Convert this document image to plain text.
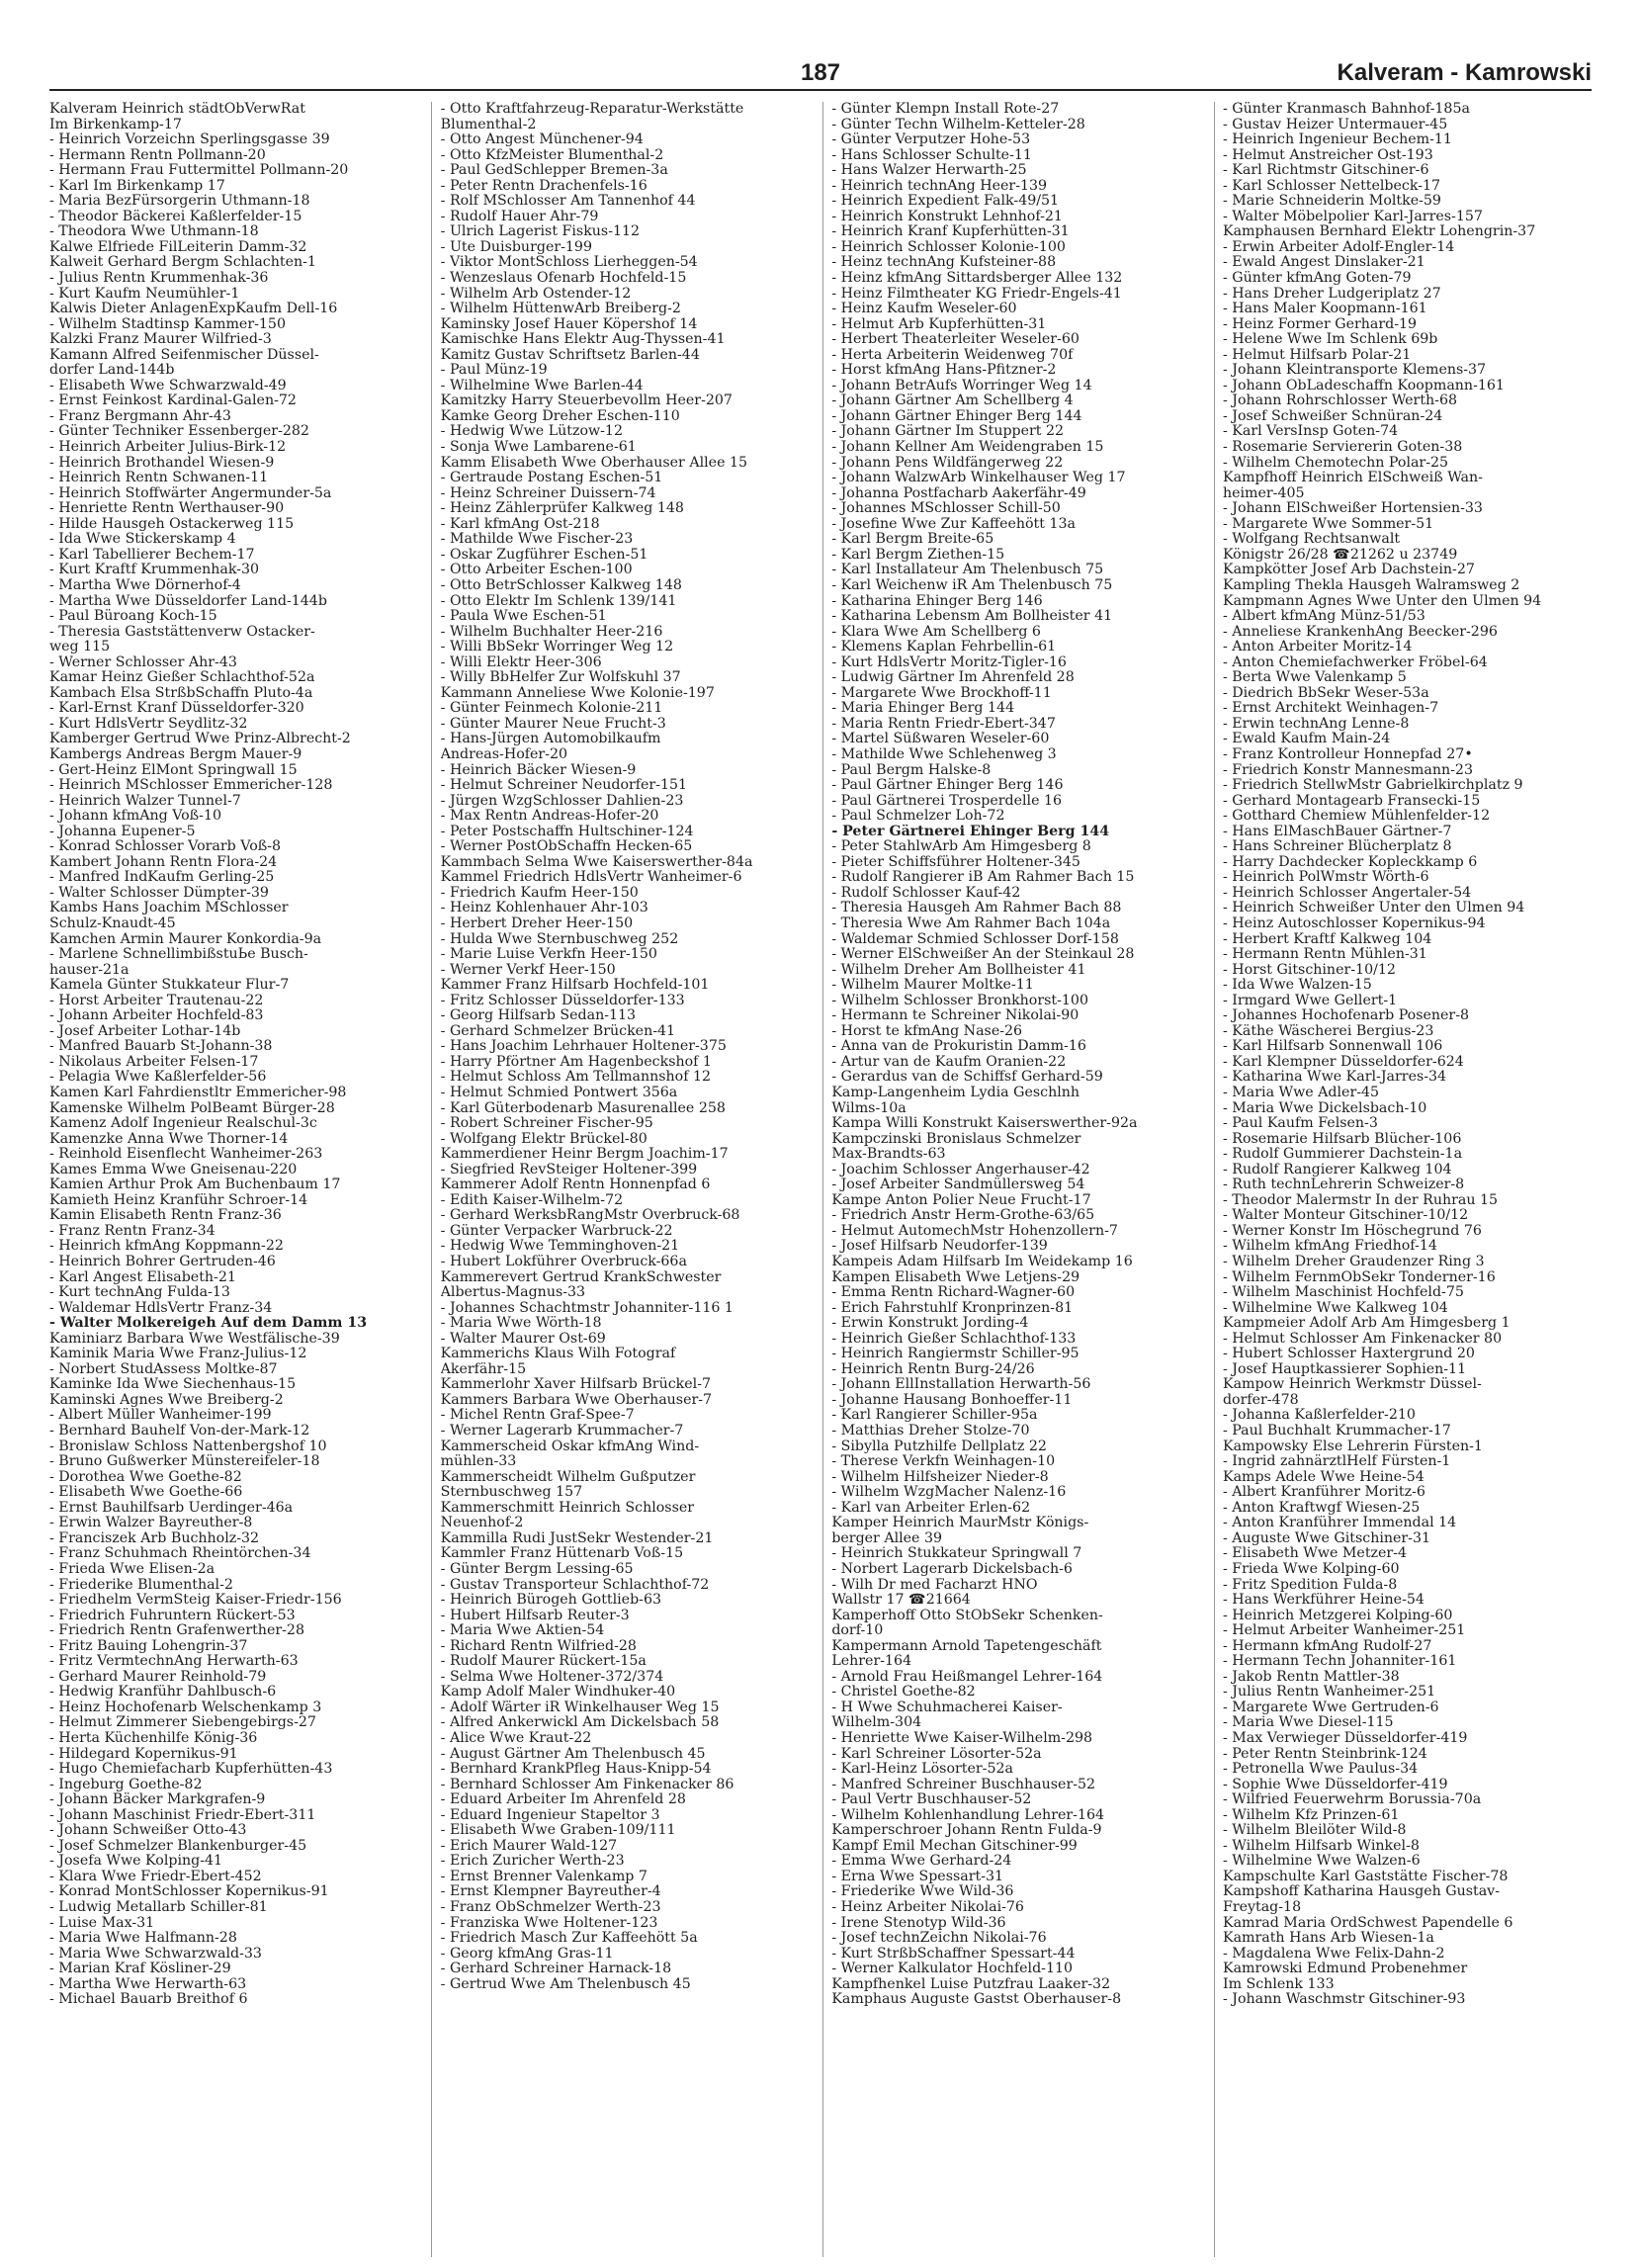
187	Kalveram - Kamrowski
Kalveram Heinrich städtObVerwRat
Im Birkenkamp-17
- Heinrich Vorzeichn Sperlingsgasse 39
- Hermann Rentn Pollmann-20
- Hermann Frau Futtermittel Pollmann-20
- Karl Im Birkenkamp 17
- Maria BezFürsorgerin Uthmann-18
- Theodor Bäckerei Kaßlerfelder-15
- Theodora Wwe Uthmann-18
Kalwe Elfriede FilLeiterin Damm-32
Kalweit Gerhard Bergm Schlachten-1
- Julius Rentn Krummenhak-36
- Kurt Kaufm Neumühler-1
Kalwis Dieter AnlagenExpKaufm Dell-16
- Wilhelm Stadtinsp Kammer-150
Kalzki Franz Maurer Wilfried-3
Kamann Alfred Seifenmischer Düssel-
dorfer Land-144b
- Elisabeth Wwe Schwarzwald-49
- Ernst Feinkost Kardinal-Galen-72
- Franz Bergmann Ahr-43
- Günter Techniker Essenberger-282
- Heinrich Arbeiter Julius-Birk-12
- Heinrich Brothandel Wiesen-9
- Heinrich Rentn Schwanen-11
- Heinrich Stoffwärter Angermunder-5a
- Henriette Rentn Werthauser-90
- Hilde Hausgeh Ostackerweg 115
- Ida Wwe Stickerskamp 4
- Karl Tabellierer Bechem-17
- Kurt Kraftf Krummenhak-30
- Martha Wwe Dörnerhof-4
- Martha Wwe Düsseldorfer Land-144b
- Paul Büroang Koch-15
- Theresia Gaststättenverw Ostacker-
weg 115
- Werner Schlosser Ahr-43
Kamar Heinz Gießer Schlachthof-52a
Kambach Elsa StrßbSchaffn Pluto-4a
- Karl-Ernst Kranf Düsseldorfer-320
- Kurt HdlsVertr Seydlitz-32
Kamberger Gertrud Wwe Prinz-Albrecht-2
Kambergs Andreas Bergm Mauer-9
- Gert-Heinz ElMont Springwall 15
- Heinrich MSchlosser Emmericher-128
- Heinrich Walzer Tunnel-7
- Johann kfmAng Voß-10
- Johanna Eupener-5
- Konrad Schlosser Vorarb Voß-8
Kambert Johann Rentn Flora-24
- Manfred IndKaufm Gerling-25
- Walter Schlosser Dümpter-39
Kambs Hans Joachim MSchlosser
Schulz-Knaudt-45
Kamchen Armin Maurer Konkordia-9a
- Marlene SchnellimbißstuЬe Busch-
hauser-21a
Kamela Günter Stukkateur Flur-7
- Horst Arbeiter Trautenau-22
- Johann Arbeiter Hochfeld-83
- Josef Arbeiter Lothar-14b
- Manfred Bauarb St-Johann-38
- Nikolaus Arbeiter Felsen-17
- Pelagia Wwe Kaßlerfelder-56
Kamen Karl Fahrdienstltr Emmericher-98
Kamenske Wilhelm PolBeamt Bürger-28
Kamenz Adolf Ingenieur Realschul-3c
Kamenzke Anna Wwe Thorner-14
- Reinhold Eisenflecht Wanheimer-263
Kames Emma Wwe Gneisenau-220
Kamien Arthur Prok Am Buchenbaum 17
Kamieth Heinz Kranführ Schroer-14
Kamin Elisabeth Rentn Franz-36
- Franz Rentn Franz-34
- Heinrich kfmAng Koppmann-22
- Heinrich Bohrer Gertruden-46
- Karl Angest Elisabeth-21
- Kurt technAng Fulda-13
- Waldemar HdlsVertr Franz-34
- Walter Molkereigeh Auf dem Damm 13
Kaminiarz Barbara Wwe Westfälische-39
Kaminik Maria Wwe Franz-Julius-12
- Norbert StudAssess Moltke-87
Kaminke Ida Wwe Siechenhaus-15
Kaminski Agnes Wwe Breiberg-2
- Albert Müller Wanheimer-199
- Bernhard Bauhelf Von-der-Mark-12
- Bronislaw Schloss Nattenbergshof 10
- Bruno Gußwerker Münstereifeler-18
- Dorothea Wwe Goethe-82
- Elisabeth Wwe Goethe-66
- Ernst Bauhilfsarb Uerdinger-46a
- Erwin Walzer Bayreuther-8
- Franciszek Arb Buchholz-32
- Franz Schuhmach Rheintörchen-34
- Frieda Wwe Elisen-2a
- Friederike Blumenthal-2
- Friedhelm VermSteig Kaiser-Friedr-156
- Friedrich Fuhruntern Rückert-53
- Friedrich Rentn Grafenwerther-28
- Fritz Bauing Lohengrin-37
- Fritz VermtechnAng Herwarth-63
- Gerhard Maurer Reinhold-79
- Hedwig Kranführ Dahlbusch-6
- Heinz Hochofenarb Welschenkamp 3
- Helmut Zimmerer Siebengebirgs-27
- Herta Küchenhilfe König-36
- Hildegard Kopernikus-91
- Hugo Chemiefacharb Kupferhütten-43
- Ingeburg Goethe-82
- Johann Bäcker Markgrafen-9
- Johann Maschinist Friedr-Ebert-311
- Johann Schweißer Otto-43
- Josef Schmelzer Blankenburger-45
- Josefa Wwe Kolping-41
- Klara Wwe Friedr-Ebert-452
- Konrad MontSchlosser Kopernikus-91
- Ludwig Metallarb Schiller-81
- Luise Max-31
- Maria Wwe Halfmann-28
- Maria Wwe Schwarzwald-33
- Marian Kraf Kösliner-29
- Martha Wwe Herwarth-63
- Michael Bauarb Breithof 6
- Otto Kraftfahrzeug-Reparatur-Werkstätte
Blumenthal-2
- Otto Angest Münchener-94
- Otto KfzMeister Blumenthal-2
- Paul GedSchlepper Bremen-3a
- Peter Rentn Drachenfels-16
- Rolf MSchlosser Am Tannenhof 44
- Rudolf Hauer Ahr-79
- Ulrich Lagerist Fiskus-112
- Ute Duisburger-199
- Viktor MontSchloss Lierheggen-54
- Wenzeslaus Ofenarb Hochfeld-15
- Wilhelm Arb Ostender-12
- Wilhelm HüttenwArb Breiberg-2
Kaminsky Josef Hauer Köpershof 14
Kamischke Hans Elektr Aug-Thyssen-41
Kamitz Gustav Schriftsetz Barlen-44
- Paul Münz-19
- Wilhelmine Wwe Barlen-44
Kamitzky Harry Steuerbevollm Heer-207
Kamke Georg Dreher Eschen-110
- Hedwig Wwe Lützow-12
- Sonja Wwe Lambarene-61
Kamm Elisabeth Wwe Oberhauser Allee 15
- Gertraude Postang Eschen-51
- Heinz Schreiner Duissern-74
- Heinz Zählerprüfer Kalkweg 148
- Karl kfmAng Ost-218
- Mathilde Wwe Fischer-23
- Oskar Zugführer Eschen-51
- Otto Arbeiter Eschen-100
- Otto BetrSchlosser Kalkweg 148
- Otto Elektr Im Schlenk 139/141
- Paula Wwe Eschen-51
- Wilhelm Buchhalter Heer-216
- Willi BbSekr Worringer Weg 12
- Willi Elektr Heer-306
- Willy BbHelfer Zur Wolfskuhl 37
Kammann Anneliese Wwe Kolonie-197
- Günter Feinmech Kolonie-211
- Günter Maurer Neue Frucht-3
- Hans-Jürgen Automobilkaufm
Andreas-Hofer-20
- Heinrich Bäcker Wiesen-9
- Helmut Schreiner Neudorfer-151
- Jürgen WzgSchlosser Dahlien-23
- Max Rentn Andreas-Hofer-20
- Peter Postschaffn Hultschiner-124
- Werner PostObSchaffn Hecken-65
Kammbach Selma Wwe Kaiserswerther-84a
Kammel Friedrich HdlsVertr Wanheimer-6
- Friedrich Kaufm Heer-150
- Heinz Kohlenhauer Ahr-103
- Herbert Dreher Heer-150
- Hulda Wwe Sternbuschweg 252
- Marie Luise Verkfn Heer-150
- Werner Verkf Heer-150
Kammer Franz Hilfsarb Hochfeld-101
- Fritz Schlosser Düsseldorfer-133
- Georg Hilfsarb Sedan-113
- Gerhard Schmelzer Brücken-41
- Hans Joachim Lehrhauer Holtener-375
- Harry Pförtner Am Hagenbeckshof 1
- Helmut Schloss Am Tellmannshof 12
- Helmut Schmied Pontwert 356a
- Karl Güterbodenarb Masurenallee 258
- Robert Schreiner Fischer-95
- Wolfgang Elektr Brückel-80
Kammerdiener Heinr Bergm Joachim-17
- Siegfried RevSteiger Holtener-399
Kammerer Adolf Rentn Honnenpfad 6
- Edith Kaiser-Wilhelm-72
- Gerhard WerksbRangMstr Overbruck-68
- Günter Verpacker Warbruck-22
- Hedwig Wwe Temminghoven-21
- Hubert Lokführer Overbruck-66a
Kammerevert Gertrud KrankSchwester
Albertus-Magnus-33
- Johannes Schachtmstr Johanniter-116 1
- Maria Wwe Wörth-18
- Walter Maurer Ost-69
Kammerichs Klaus Wilh Fotograf
Akerfähr-15
Kammerlohr Xaver Hilfsarb Brückel-7
Kammers Barbara Wwe Oberhauser-7
- Michel Rentn Graf-Spee-7
- Werner Lagerarb Krummacher-7
Kammerscheid Oskar kfmAng Wind-
mühlen-33
Kammerscheidt Wilhelm Gußputzer
Sternbuschweg 157
Kammerschmitt Heinrich Schlosser
Neuenhof-2
Kammilla Rudi JustSekr Westender-21
Kammler Franz Hüttenarb Voß-15
- Günter Bergm Lessing-65
- Gustav Transporteur Schlachthof-72
- Heinrich Bürogeh Gottlieb-63
- Hubert Hilfsarb Reuter-3
- Maria Wwe Aktien-54
- Richard Rentn Wilfried-28
- Rudolf Maurer Rückert-15a
- Selma Wwe Holtener-372/374
Kamp Adolf Maler Windhuker-40
- Adolf Wärter iR Winkelhauser Weg 15
- Alfred Ankerwickl Am Dickelsbach 58
- Alice Wwe Kraut-22
- August Gärtner Am Thelenbusch 45
- Bernhard KrankPfleg Haus-Knipp-54
- Bernhard Schlosser Am Finkenacker 86
- Eduard Arbeiter Im Ährenfeld 28
- Eduard Ingenieur Stapeltor 3
- Elisabeth Wwe Graben-109/111
- Erich Maurer Wald-127
- Erich Zuricher Werth-23
- Ernst Brenner Valenkamp 7
- Ernst Klempner Bayreuther-4
- Franz ObSchmelzer Werth-23
- Franziska Wwe Holtener-123
- Friedrich Masch Zur Kaffeehött 5a
- Georg kfmAng Gras-11
- Gerhard Schreiner Harnack-18
- Gertrud Wwe Am Thelenbusch 45
- Günter Klempn Install Rote-27
- Günter Techn Wilhelm-Ketteler-28
- Günter Verputzer Hohe-53
- Hans Schlosser Schulte-11
- Hans Walzer Herwarth-25
- Heinrich technAng Heer-139
- Heinrich Expedient Falk-49/51
- Heinrich Konstrukt Lehnhof-21
- Heinrich Kranf Kupferhütten-31
- Heinrich Schlosser Kolonie-100
- Heinz technAng Kufsteiner-88
- Heinz kfmAng Sittardsberger Allee 132
- Heinz Filmtheater KG Friedr-Engels-41
- Heinz Kaufm Weseler-60
- Helmut Arb Kupferhütten-31
- Herbert Theaterleiter Weseler-60
- Herta Arbeiterin Weidenweg 70f
- Horst kfmAng Hans-Pfitzner-2
- Johann BetrAufs Worringer Weg 14
- Johann Gärtner Am Schellberg 4
- Johann Gärtner Ehinger Berg 144
- Johann Gärtner Im Stuppert 22
- Johann Kellner Am Weidengraben 15
- Johann Pens Wildfängerweg 22
- Johann WalzwArb Winkelhauser Weg 17
- Johanna Postfacharb Aakerfähr-49
- Johannes MSchlosser Schill-50
- Josefine Wwe Zur Kaffeehött 13a
- Karl Bergm Breite-65
- Karl Bergm Ziethen-15
- Karl Installateur Am Thelenbusch 75
- Karl Weichenw iR Am Thelenbusch 75
- Katharina Ehinger Berg 146
- Katharina Lebensm Am Bollheister 41
- Klara Wwe Am Schellberg 6
- Klemens Kaplan Fehrbellin-61
- Kurt HdlsVertr Moritz-Tigler-16
- Ludwig Gärtner Im Ährenfeld 28
- Margarete Wwe Brockhoff-11
- Maria Ehinger Berg 144
- Maria Rentn Friedr-Ebert-347
- Martel Süßwaren Weseler-60
- Mathilde Wwe Schlehenweg 3
- Paul Bergm Halske-8
- Paul Gärtner Ehinger Berg 146
- Paul Gärtnerei Trosperdelle 16
- Paul Schmelzer Loh-72
- Peter Gärtnerei Ehinger Berg 144
- Peter StahlwArb Am Himgesberg 8
- Pieter Schiffsführer Holtener-345
- Rudolf Rangierer iB Am Rahmer Bach 15
- Rudolf Schlosser Kauf-42
- Theresia Hausgeh Am Rahmer Bach 88
- Theresia Wwe Am Rahmer Bach 104a
- Waldemar Schmied Schlosser Dorf-158
- Werner ElSchweißer An der Steinkaul 28
- Wilhelm Dreher Am Bollheister 41
- Wilhelm Maurer Moltke-11
- Wilhelm Schlosser Bronkhorst-100
- Hermann te Schreiner Nikolai-90
- Horst te kfmAng Nase-26
- Anna van de Prokuristin Damm-16
- Artur van de Kaufm Oranien-22
- Gerardus van de Schiffsf Gerhard-59
Kamp-Langenheim Lydia Geschlnh
Wilms-10a
Kampa Willi Konstrukt Kaiserswerther-92a
Kampczinski Bronislaus Schmelzer
Max-Brandts-63
- Joachim Schlosser Angerhauser-42
- Josef Arbeiter Sandmüllersweg 54
Kampe Anton Polier Neue Frucht-17
- Friedrich Anstr Herm-Grothe-63/65
- Helmut AutomechMstr Hohenzollern-7
- Josef Hilfsarb Neudorfer-139
Kampeis Adam Hilfsarb Im Weidekamp 16
Kampen Elisabeth Wwe Letjens-29
- Emma Rentn Richard-Wagner-60
- Erich Fahrstuhlf Kronprinzen-81
- Erwin Konstrukt Jording-4
- Heinrich Gießer Schlachthof-133
- Heinrich Rangiermstr Schiller-95
- Heinrich Rentn Burg-24/26
- Johann EllInstallation Herwarth-56
- Johanne Hausang Bonhoeffer-11
- Karl Rangierer Schiller-95a
- Matthias Dreher Stolze-70
- Sibylla Putzhilfe Dellplatz 22
- Therese Verkfn Weinhagen-10
- Wilhelm Hilfsheizer Nieder-8
- Wilhelm WzgMacher Nalenz-16
- Karl van Arbeiter Erlen-62
Kamper Heinrich MaurMstr Königs-
berger Allee 39
- Heinrich Stukkateur Springwall 7
- Norbert Lagerarb Dickelsbach-6
- Wilh Dr med Facharzt HNO
Wallstr 17 ☎21664
Kamperhoff Otto StObSekr Schenken-
dorf-10
Kampermann Arnold Tapetengeschäft
Lehrer-164
- Arnold Frau Heißmangel Lehrer-164
- Christel Goethe-82
- H Wwe Schuhmacherei Kaiser-
Wilhelm-304
- Henriette Wwe Kaiser-Wilhelm-298
- Karl Schreiner Lösorter-52a
- Karl-Heinz Lösorter-52a
- Manfred Schreiner Buschhauser-52
- Paul Vertr Buschhauser-52
- Wilhelm Kohlenhandlung Lehrer-164
Kamperschroer Johann Rentn Fulda-9
Kampf Emil Mechan Gitschiner-99
- Emma Wwe Gerhard-24
- Erna Wwe Spessart-31
- Friederike Wwe Wild-36
- Heinz Arbeiter Nikolai-76
- Irene Stenotyp Wild-36
- Josef technZeichn Nikolai-76
- Kurt StrßbSchaffner Spessart-44
- Werner Kalkulator Hochfeld-110
Kampfhenkel Luise Putzfrau Laaker-32
Kamphaus Auguste Gastst Oberhauser-8
- Günter Kranmasch Bahnhof-185a
- Gustav Heizer Untermauer-45
- Heinrich Ingenieur Bechem-11
- Helmut Anstreicher Ost-193
- Karl Richtmstr Gitschiner-6
- Karl Schlosser Nettelbeck-17
- Marie Schneiderin Moltke-59
- Walter Möbelpolier Karl-Jarres-157
Kamphausen Bernhard Elektr Lohengrin-37
- Erwin Arbeiter Adolf-Engler-14
- Ewald Angest Dinslaker-21
- Günter kfmAng Goten-79
- Hans Dreher Ludgeriplatz 27
- Hans Maler Koopmann-161
- Heinz Former Gerhard-19
- Helene Wwe Im Schlenk 69b
- Helmut Hilfsarb Polar-21
- Johann Kleintransporte Klemens-37
- Johann ObLadeschaffn Koopmann-161
- Johann Rohrschlosser Werth-68
- Josef Schweißer Schnüran-24
- Karl VersInsp Goten-74
- Rosemarie Serviererin Goten-38
- Wilhelm Chemotechn Polar-25
Kampfhoff Heinrich ElSchweiß Wan-
heimer-405
- Johann ElSchweißer Hortensien-33
- Margarete Wwe Sommer-51
- Wolfgang Rechtsanwalt
Königstr 26/28 ☎21262 u 23749
Kampkötter Josef Arb Dachstein-27
Kampling Thekla Hausgeh Walramsweg 2
Kampmann Agnes Wwe Unter den Ulmen 94
- Albert kfmAng Münz-51/53
- Anneliese KrankenhAng Beecker-296
- Anton Arbeiter Moritz-14
- Anton Chemiefachwerker Fröbel-64
- Berta Wwe Valenkamp 5
- Diedrich BbSekr Weser-53a
- Ernst Architekt Weinhagen-7
- Erwin technAng Lenne-8
- Ewald Kaufm Main-24
- Franz Kontrolleur Honnepfad 27•
- Friedrich Konstr Mannesmann-23
- Friedrich StellwMstr Gabrielkirchplatz 9
- Gerhard Montagearb Franseckі-15
- Gotthard Chemiew Mühlenfelder-12
- Hans ElMaschBauer Gärtner-7
- Hans Schreiner Blücherplatz 8
- Harry Dachdecker Koplеckkamp 6
- Heinrich PolWmstr Wörth-6
- Heinrich Schlosser Angertaler-54
- Heinrich Schweißer Unter den Ulmen 94
- Heinz Autoschlosser Kopernikus-94
- Herbert Kraftf Kalkweg 104
- Hermann Rentn Mühlen-31
- Horst Gitschiner-10/12
- Ida Wwe Walzen-15
- Irmgard Wwe Gellert-1
- Johannes Hochofenarb Posener-8
- Käthe Wäscherei Bergius-23
- Karl Hilfsarb Sonnenwall 106
- Karl Klempner Düsseldorfer-624
- Katharina Wwe Karl-Jarres-34
- Maria Wwe Adler-45
- Maria Wwe Dickelsbach-10
- Paul Kaufm Felsen-3
- Rosemarie Hilfsarb Blücher-106
- Rudolf Gummierer Dachstein-1a
- Rudolf Rangierer Kalkweg 104
- Ruth technLehrerin Schweizer-8
- Theodor Malermstr In der Ruhrau 15
- Walter Monteur Gitschiner-10/12
- Werner Konstr Im Höschegrund 76
- Wilhelm kfmAng Friedhof-14
- Wilhelm Dreher Graudenzer Ring 3
- Wilhelm FernmObSekr Tonderner-16
- Wilhelm Maschinist Hochfeld-75
- Wilhelmine Wwe Kalkweg 104
Kampmeier Adolf Arb Am Himgesberg 1
- Helmut Schlosser Am Finkenacker 80
- Hubert Schlosser Haxtergrund 20
- Josef Hauptkassierer Sophien-11
Kampow Heinrich Werkmstr Düssel-
dorfer-478
- Johanna Kaßlerfelder-210
- Paul Buchhalt Krummacher-17
Kampowsky Else Lehrerin Fürsten-1
- Ingrid zahnärztlHelf Fürsten-1
Kamps Adele Wwe Heine-54
- Albert Kranführer Moritz-6
- Anton Kraftwgf Wiesen-25
- Anton Kranführer Immendal 14
- Auguste Wwe Gitschiner-31
- Elisabeth Wwe Metzer-4
- Frieda Wwe Kolping-60
- Fritz Spedition Fulda-8
- Hans Werkführer Heine-54
- Heinrich Metzgerei Kolping-60
- Helmut Arbeiter Wanheimer-251
- Hermann kfmAng Rudolf-27
- Hermann Techn Johanniter-161
- Jakob Rentn Mattler-38
- Julius Rentn Wanheimer-251
- Margarete Wwe Gertruden-6
- Maria Wwe Diesel-115
- Max Verwieger Düsseldorfer-419
- Peter Rentn Steinbrink-124
- Petronella Wwe Paulus-34
- Sophie Wwe Düsseldorfer-419
- Wilfried Feuerwehrm Borussia-70a
- Wilhelm Kfz Prinzen-61
- Wilhelm Bleilöter Wild-8
- Wilhelm Hilfsarb Winkel-8
- Wilhelmine Wwe Walzen-6
Kampschulte Karl Gaststätte Fischer-78
Kampshoff Katharina Hausgeh Gustav-
Freytag-18
Kamrad Maria OrdSchwest Papendelle 6
Kamrath Hans Arb Wiesen-1a
- Magdalena Wwe Felix-Dahn-2
Kamrowski Edmund Probenehmer
Im Schlenk 133
- Johann Waschmstr Gitschiner-93
